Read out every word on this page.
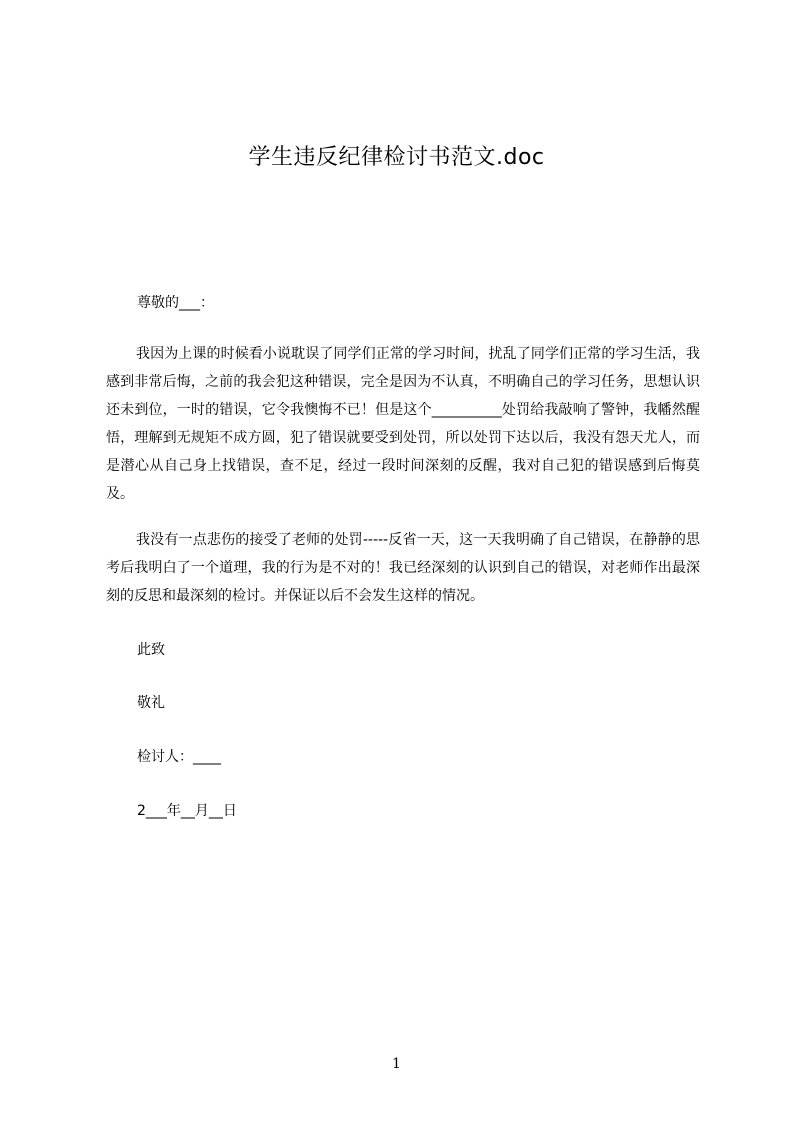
学生违反纪律检讨书范文.doc
尊敬的___：
我因为上课的时候看小说耽误了同学们正常的学习时间，扰乱了同学们正常的学习生活，我感到非常后悔，之前的我会犯这种错误，完全是因为不认真，不明确自己的学习任务，思想认识还未到位，一时的错误，它令我懊悔不已！但是这个__________处罚给我敲响了警钟，我幡然醒悟，理解到无规矩不成方圆，犯了错误就要受到处罚，所以处罚下达以后，我没有怨天尤人，而是潜心从自己身上找错误，查不足，经过一段时间深刻的反醒，我对自己犯的错误感到后悔莫及。
我没有一点悲伤的接受了老师的处罚-----反省一天，这一天我明确了自己错误，在静静的思考后我明白了一个道理，我的行为是不对的！我已经深刻的认识到自己的错误，对老师作出最深刻的反思和最深刻的检讨。并保证以后不会发生这样的情况。
此致
敬礼
检讨人：____
2___年__月__日
1
